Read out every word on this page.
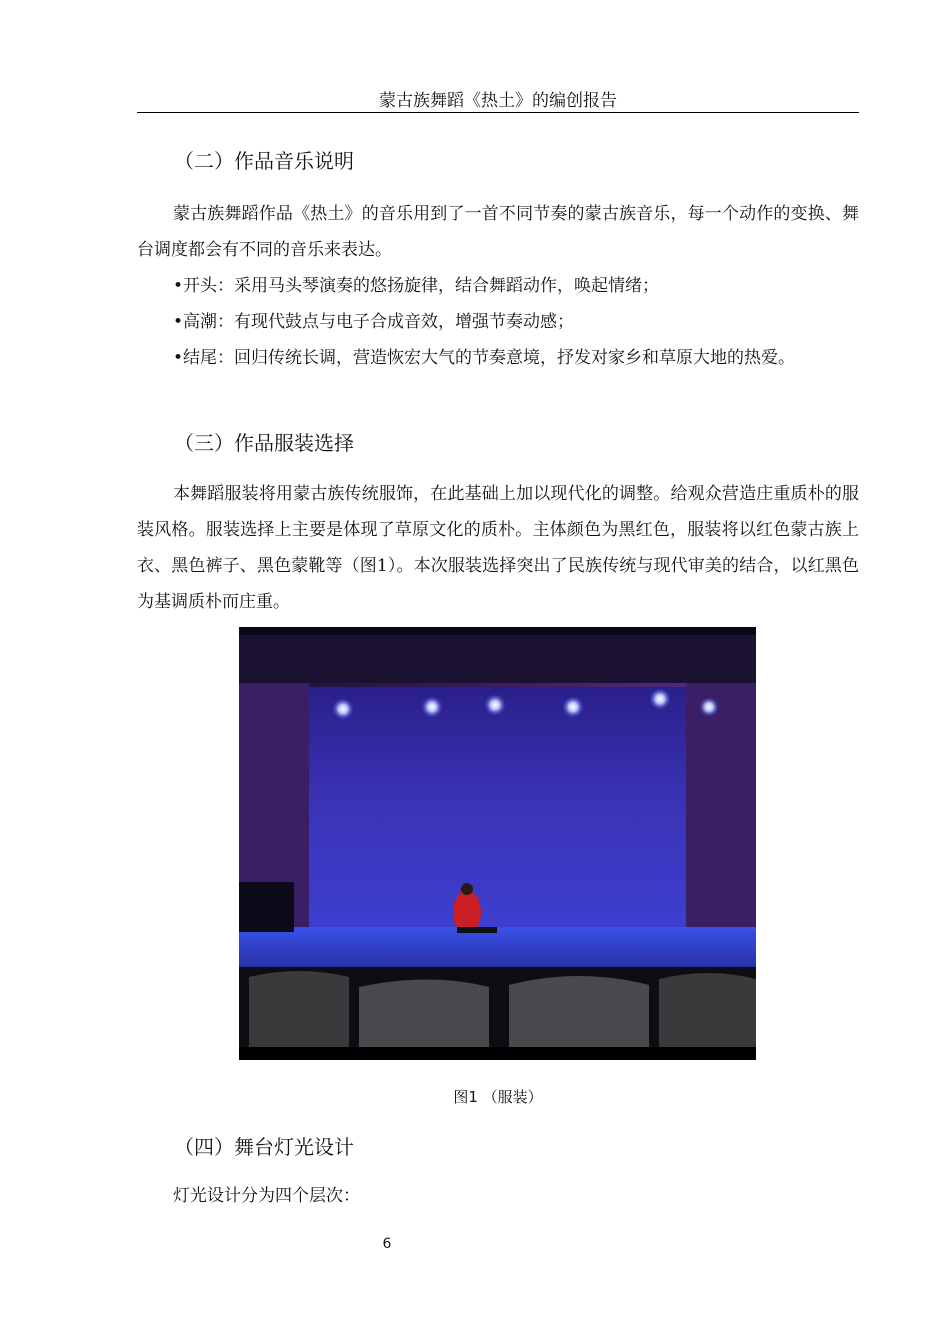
蒙古族舞蹈《热土》的编创报告
（二）作品音乐说明

蒙古族舞蹈作品《热土》的音乐用到了一首不同节奏的蒙古族音乐，每一个动作的变换、舞台调度都会有不同的音乐来表达。

•开头：采用马头琴演奏的悠扬旋律，结合舞蹈动作，唤起情绪；

•高潮：有现代鼓点与电子合成音效，增强节奏动感；

•结尾：回归传统长调，营造恢宏大气的节奏意境，抒发对家乡和草原大地的热爱。

（三）作品服装选择

本舞蹈服装将用蒙古族传统服饰，在此基础上加以现代化的调整。给观众营造庄重质朴的服装风格。服装选择上主要是体现了草原文化的质朴。主体颜色为黑红色，服装将以红色蒙古族上衣、黑色裤子、黑色蒙靴等（图1）。本次服装选择突出了民族传统与现代审美的结合，以红黑色为基调质朴而庄重。

图1 （服装）
（四）舞台灯光设计

灯光设计分为四个层次：

6
